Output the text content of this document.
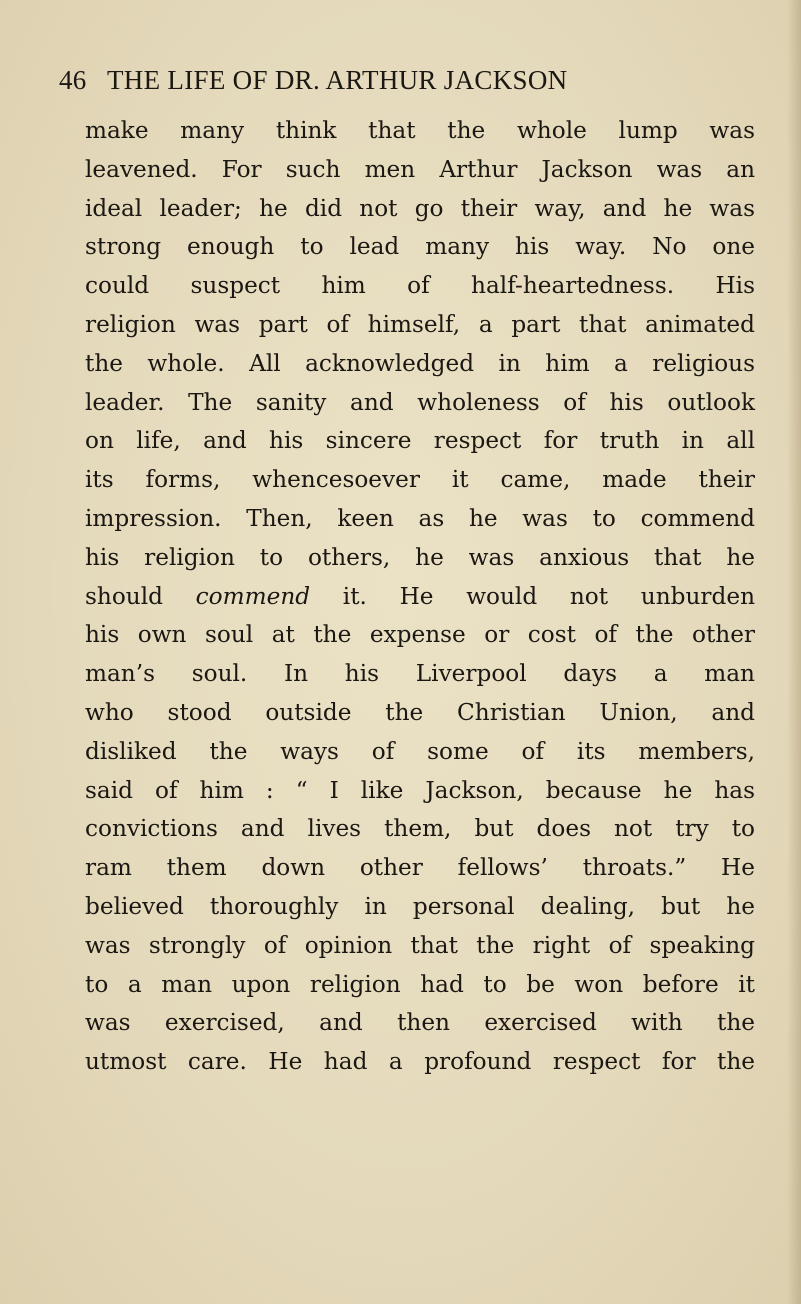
46 THE LIFE OF DR. ARTHUR JACKSON
make many think that the whole lump was
leavened. For such men Arthur Jackson was an
ideal leader; he did not go their way, and he was
strong enough to lead many his way. No one
could suspect him of half-heartedness. His
religion was part of himself, a part that animated
the whole. All acknowledged in him a religious
leader. The sanity and wholeness of his outlook
on life, and his sincere respect for truth in all
its forms, whencesoever it came, made their
impression. Then, keen as he was to commend
his religion to others, he was anxious that he
should commend it. He would not unburden
his own soul at the expense or cost of the other
man’s soul. In his Liverpool days a man
who stood outside the Christian Union, and
disliked the ways of some of its members,
said of him : “ I like Jackson, because he has
convictions and lives them, but does not try to
ram them down other fellows’ throats.” He
believed thoroughly in personal dealing, but he
was strongly of opinion that the right of speaking
to a man upon religion had to be won before it
was exercised, and then exercised with the
utmost care. He had a profound respect for the
